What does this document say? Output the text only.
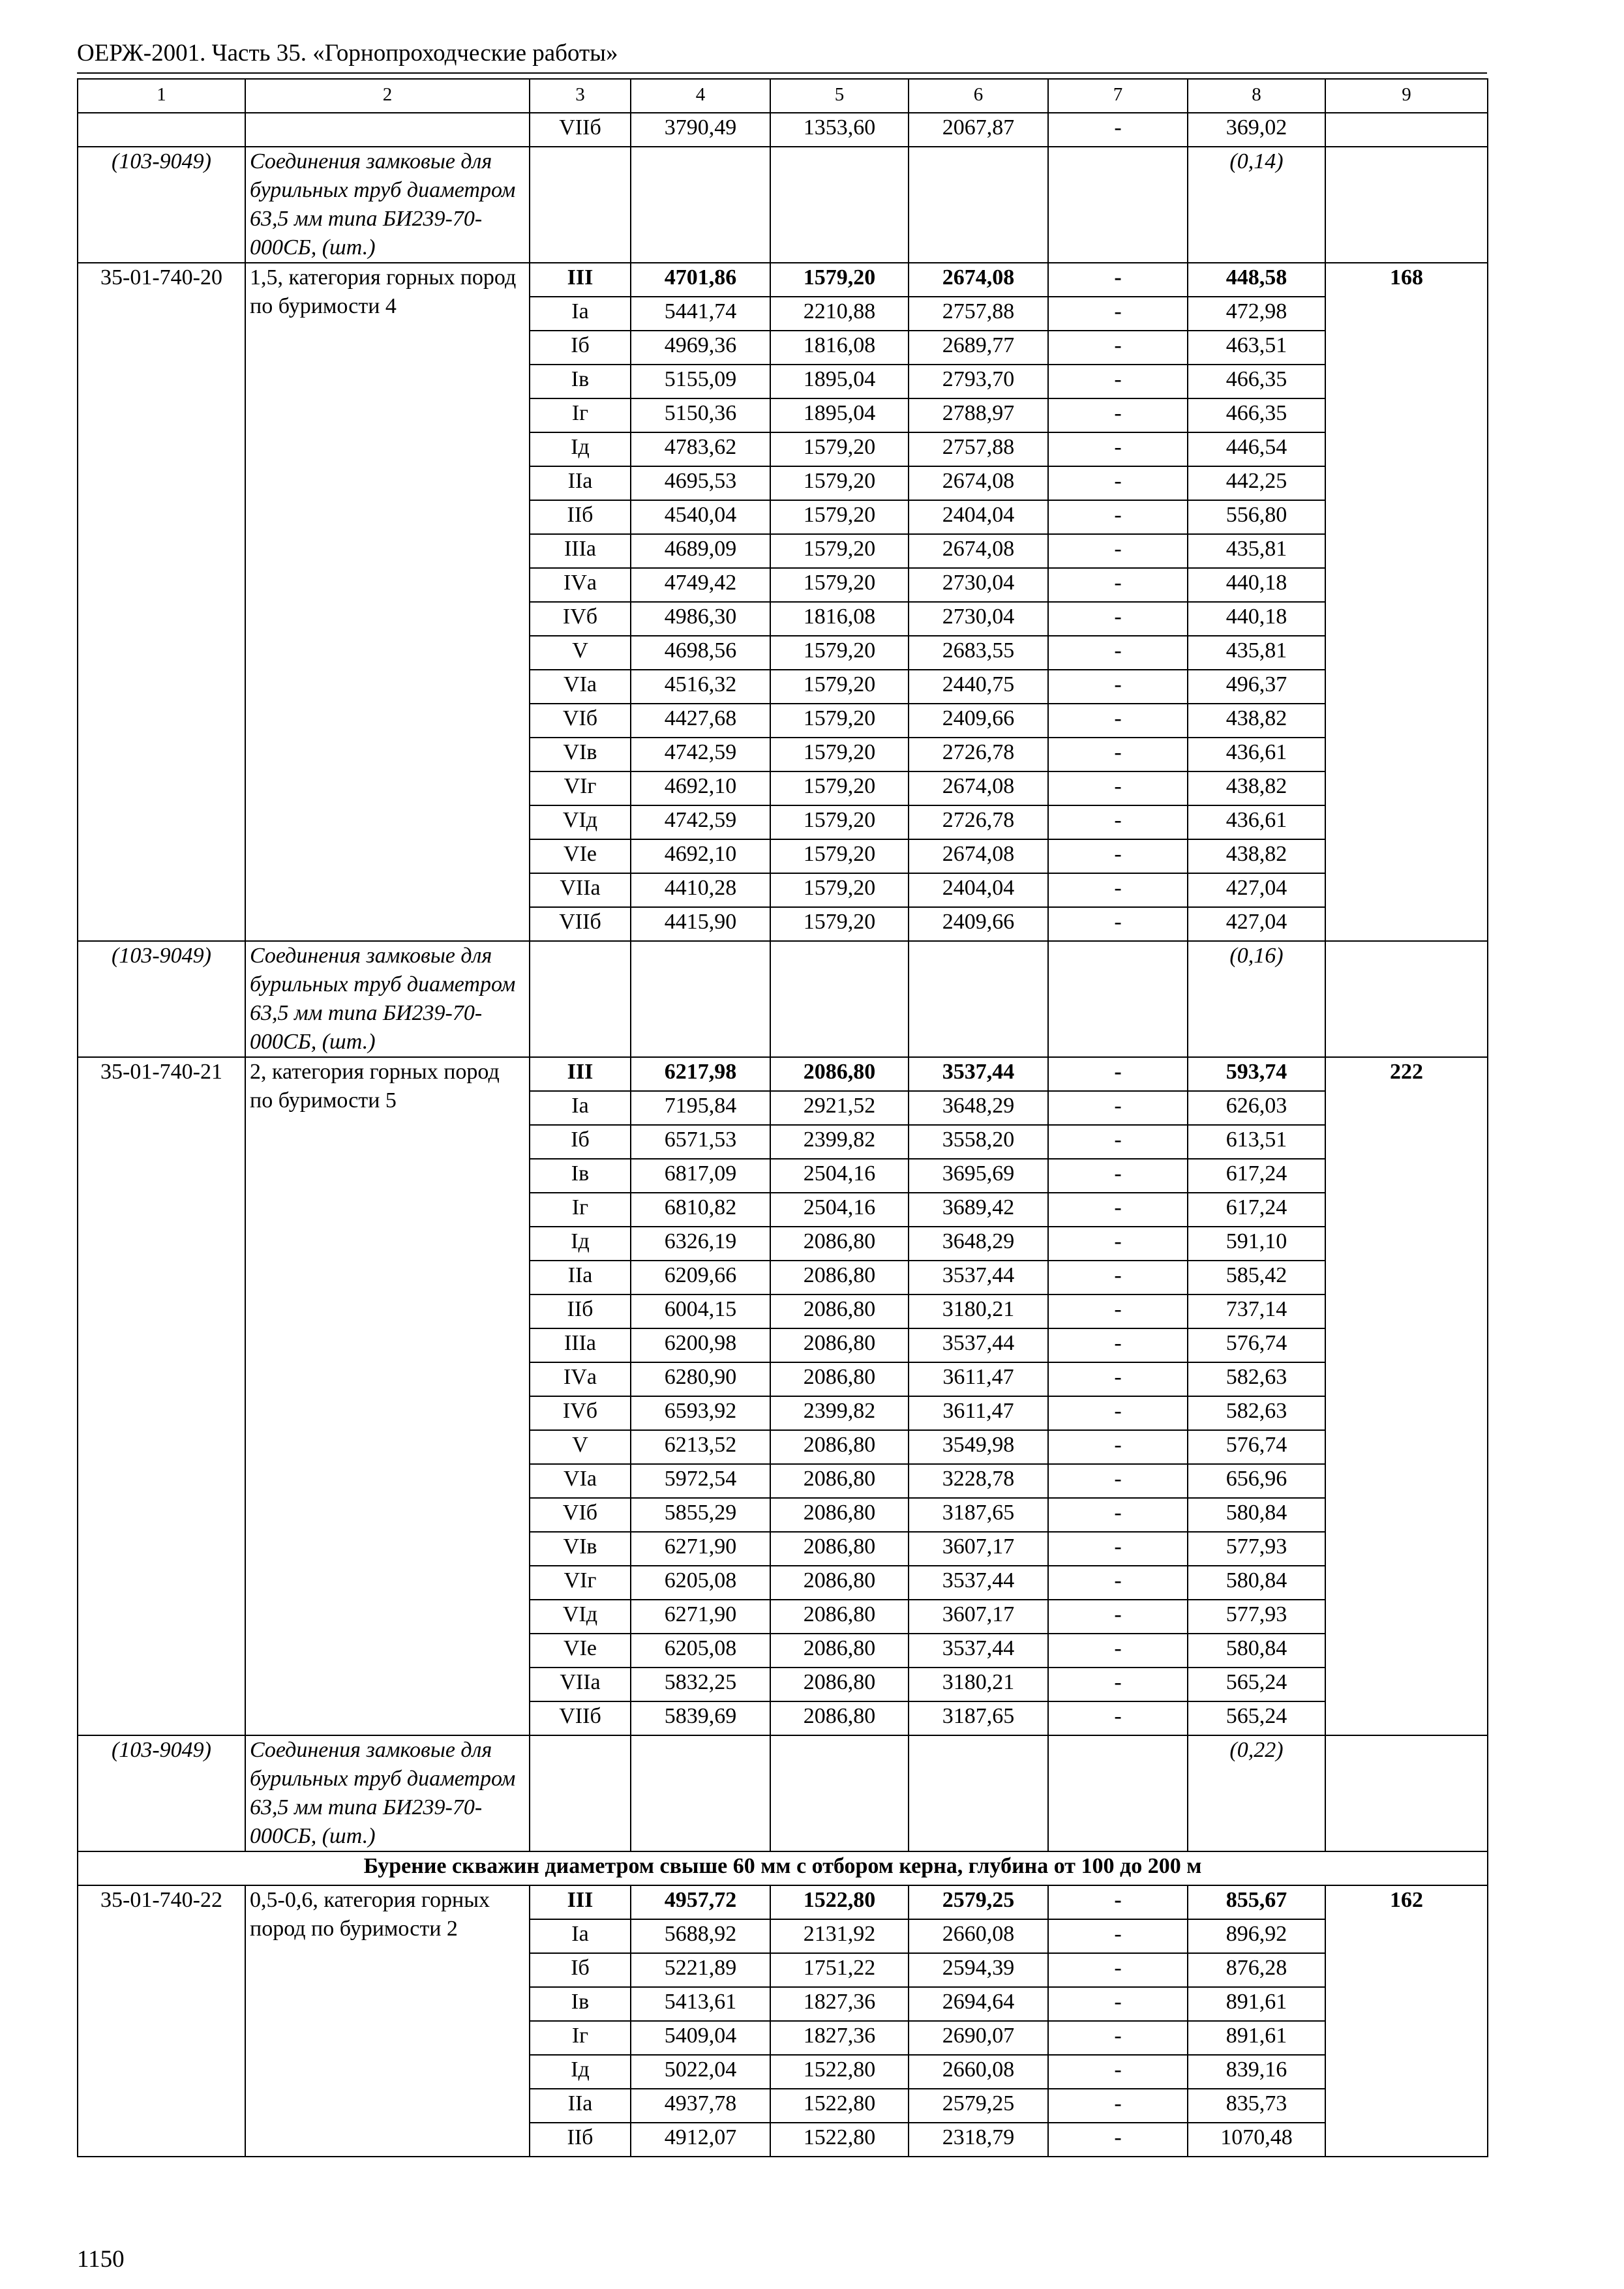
ОЕРЖ-2001. Часть 35. «Горнопроходческие работы»
1	2	3	4	5	6	7	8	9
		VIIб	3790,49	1353,60	2067,87	-	369,02	
(103-9049)	Соединения замковые для бурильных труб диаметром 63,5 мм типа БИ239-70-000СБ, (шт.)						(0,14)	
35-01-740-20	1,5, категория горных пород по буримости 4	III	4701,86	1579,20	2674,08	-	448,58	168
		Iа	5441,74	2210,88	2757,88	-	472,98	
		Iб	4969,36	1816,08	2689,77	-	463,51	
		Iв	5155,09	1895,04	2793,70	-	466,35	
		Iг	5150,36	1895,04	2788,97	-	466,35	
		Iд	4783,62	1579,20	2757,88	-	446,54	
		IIа	4695,53	1579,20	2674,08	-	442,25	
		IIб	4540,04	1579,20	2404,04	-	556,80	
		IIIа	4689,09	1579,20	2674,08	-	435,81	
		IVа	4749,42	1579,20	2730,04	-	440,18	
		IVб	4986,30	1816,08	2730,04	-	440,18	
		V	4698,56	1579,20	2683,55	-	435,81	
		VIа	4516,32	1579,20	2440,75	-	496,37	
		VIб	4427,68	1579,20	2409,66	-	438,82	
		VIв	4742,59	1579,20	2726,78	-	436,61	
		VIг	4692,10	1579,20	2674,08	-	438,82	
		VIд	4742,59	1579,20	2726,78	-	436,61	
		VIе	4692,10	1579,20	2674,08	-	438,82	
		VIIа	4410,28	1579,20	2404,04	-	427,04	
		VIIб	4415,90	1579,20	2409,66	-	427,04	
(103-9049)	Соединения замковые для бурильных труб диаметром 63,5 мм типа БИ239-70-000СБ, (шт.)						(0,16)	
35-01-740-21	2, категория горных пород по буримости 5	III	6217,98	2086,80	3537,44	-	593,74	222
		Iа	7195,84	2921,52	3648,29	-	626,03	
		Iб	6571,53	2399,82	3558,20	-	613,51	
		Iв	6817,09	2504,16	3695,69	-	617,24	
		Iг	6810,82	2504,16	3689,42	-	617,24	
		Iд	6326,19	2086,80	3648,29	-	591,10	
		IIа	6209,66	2086,80	3537,44	-	585,42	
		IIб	6004,15	2086,80	3180,21	-	737,14	
		IIIа	6200,98	2086,80	3537,44	-	576,74	
		IVа	6280,90	2086,80	3611,47	-	582,63	
		IVб	6593,92	2399,82	3611,47	-	582,63	
		V	6213,52	2086,80	3549,98	-	576,74	
		VIа	5972,54	2086,80	3228,78	-	656,96	
		VIб	5855,29	2086,80	3187,65	-	580,84	
		VIв	6271,90	2086,80	3607,17	-	577,93	
		VIг	6205,08	2086,80	3537,44	-	580,84	
		VIд	6271,90	2086,80	3607,17	-	577,93	
		VIе	6205,08	2086,80	3537,44	-	580,84	
		VIIа	5832,25	2086,80	3180,21	-	565,24	
		VIIб	5839,69	2086,80	3187,65	-	565,24	
(103-9049)	Соединения замковые для бурильных труб диаметром 63,5 мм типа БИ239-70-000СБ, (шт.)						(0,22)	
Бурение скважин диаметром свыше 60 мм с отбором керна, глубина от 100 до 200 м								
35-01-740-22	0,5-0,6, категория горных пород по буримости 2	III	4957,72	1522,80	2579,25	-	855,67	162
		Iа	5688,92	2131,92	2660,08	-	896,92	
		Iб	5221,89	1751,22	2594,39	-	876,28	
		Iв	5413,61	1827,36	2694,64	-	891,61	
		Iг	5409,04	1827,36	2690,07	-	891,61	
		Iд	5022,04	1522,80	2660,08	-	839,16	
		IIа	4937,78	1522,80	2579,25	-	835,73	
		IIб	4912,07	1522,80	2318,79	-	1070,48	
1150
